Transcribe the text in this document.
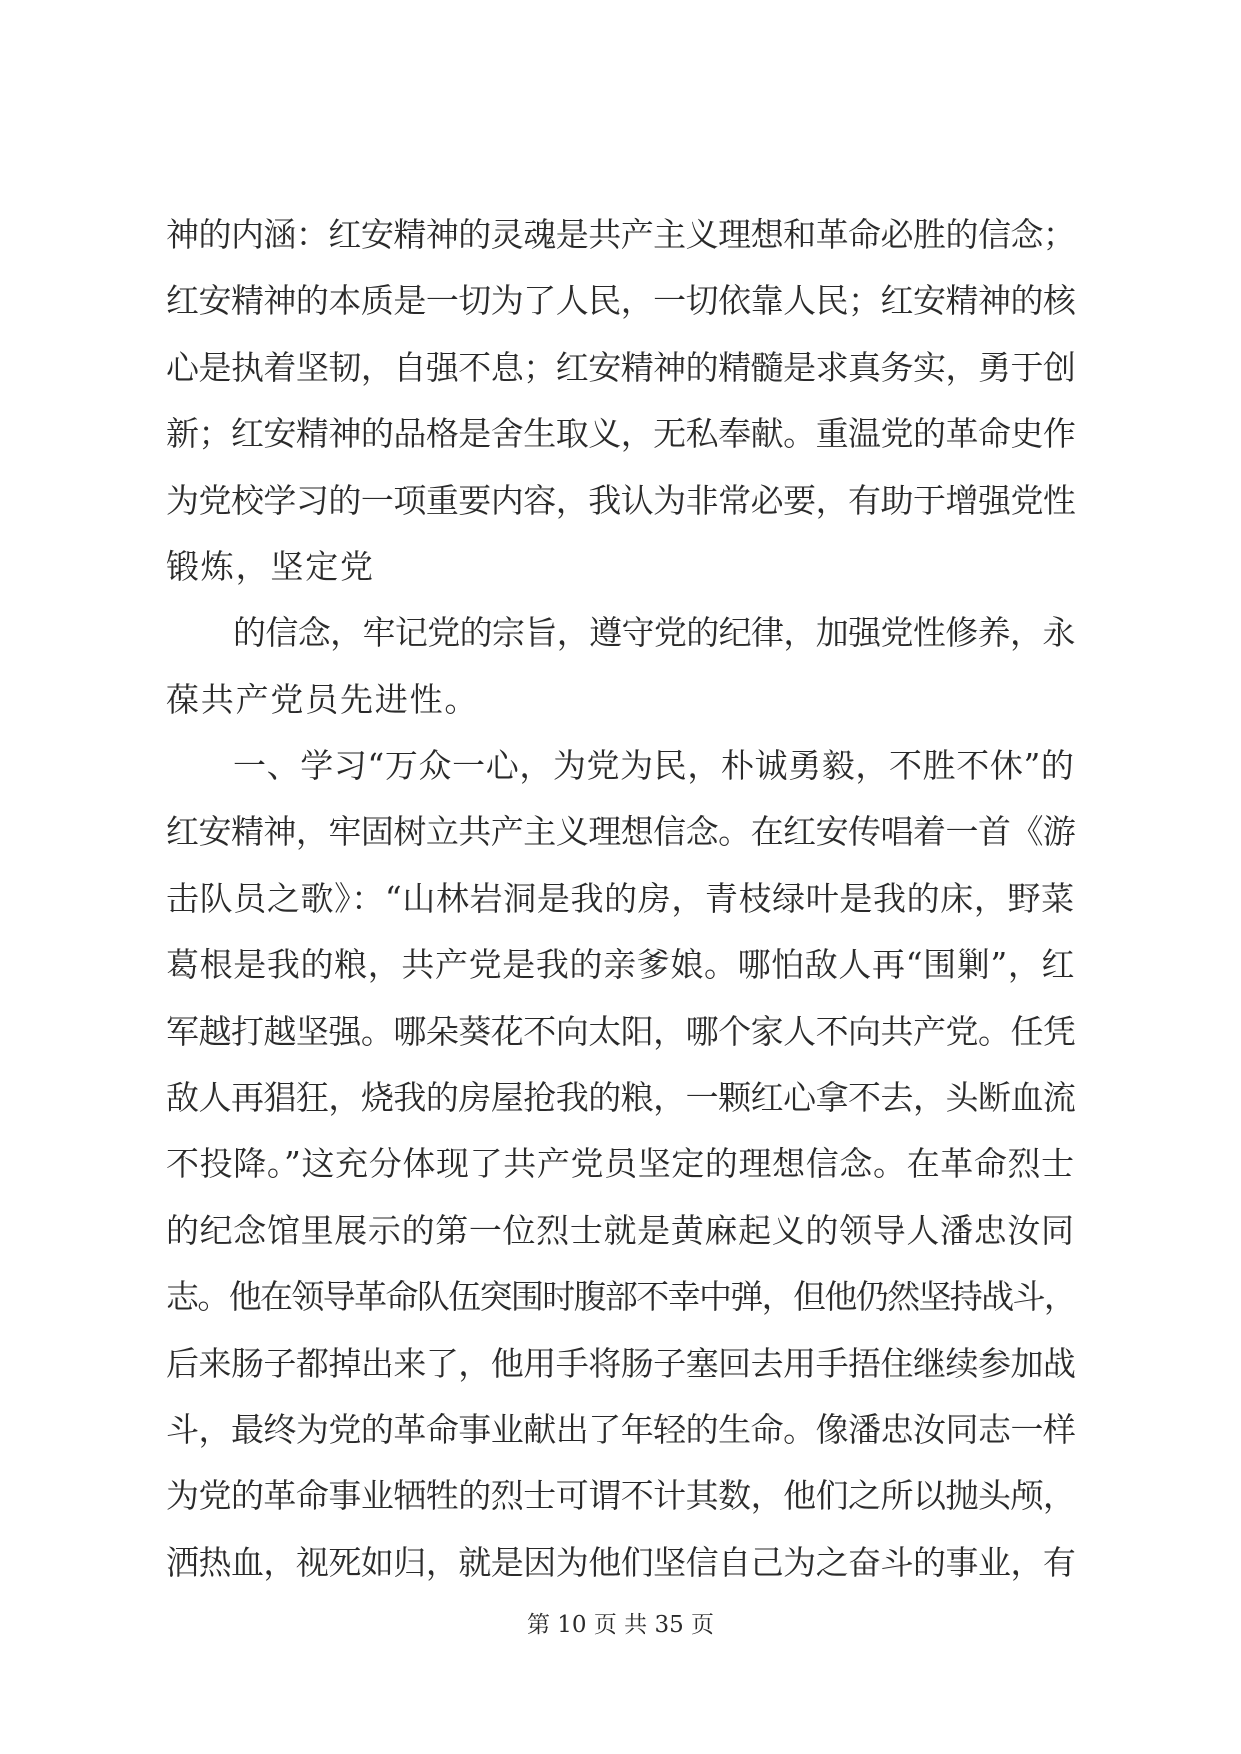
神的内涵：红安精神的灵魂是共产主义理想和革命必胜的信念；
红安精神的本质是一切为了人民，一切依靠人民；红安精神的核
心是执着坚韧，自强不息；红安精神的精髓是求真务实，勇于创
新；红安精神的品格是舍生取义，无私奉献。重温党的革命史作
为党校学习的一项重要内容，我认为非常必要，有助于增强党性
锻炼，坚定党
的信念，牢记党的宗旨，遵守党的纪律，加强党性修养，永
葆共产党员先进性。
一、学习“万众一心，为党为民，朴诚勇毅，不胜不休”的
红安精神，牢固树立共产主义理想信念。在红安传唱着一首《游
击队员之歌》：“山林岩洞是我的房，青枝绿叶是我的床，野菜
葛根是我的粮，共产党是我的亲爹娘。哪怕敌人再“围剿”，红
军越打越坚强。哪朵葵花不向太阳，哪个家人不向共产党。任凭
敌人再猖狂，烧我的房屋抢我的粮，一颗红心拿不去，头断血流
不投降。”这充分体现了共产党员坚定的理想信念。在革命烈士
的纪念馆里展示的第一位烈士就是黄麻起义的领导人潘忠汝同
志。他在领导革命队伍突围时腹部不幸中弹，但他仍然坚持战斗，
后来肠子都掉出来了，他用手将肠子塞回去用手捂住继续参加战
斗，最终为党的革命事业献出了年轻的生命。像潘忠汝同志一样
为党的革命事业牺牲的烈士可谓不计其数，他们之所以抛头颅，
洒热血，视死如归，就是因为他们坚信自己为之奋斗的事业，有
第 10 页 共 35 页
